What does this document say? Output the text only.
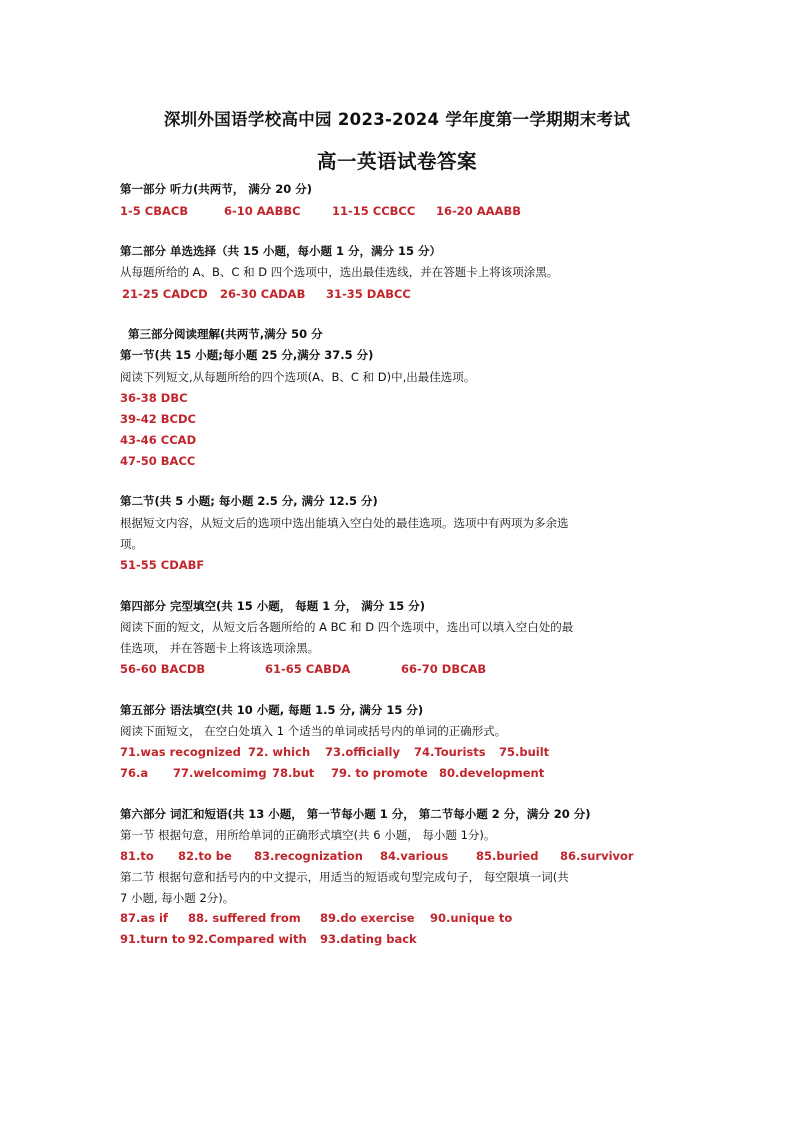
深圳外国语学校高中园 2023-2024 学年度第一学期期末考试
高一英语试卷答案
第一部分 听力(共两节， 满分 20 分)
1-5 CBACB	6-10 AABBC	11-15 CCBCC 16-20 AAABB
第二部分 单选选择（共 15 小题，每小题 1 分，满分 15 分）
从每题所给的 A、B、C 和 D 四个选项中，选出最佳选线，并在答题卡上将该项涂黑。
21-25 CADCD 26-30 CADAB 31-35 DABCC
第三部分阅读理解(共两节,满分 50 分
第一节(共 15 小题;每小题 25 分,满分 37.5 分)
阅读下列短文,从每题所给的四个选项(A、B、C 和 D)中,出最佳选项。
36-38 DBC
39-42 BCDC
43-46 CCAD
47-50 BACC
第二节(共 5 小题; 每小题 2.5 分, 满分 12.5 分)
根据短文内容，从短文后的选项中选出能填入空白处的最佳选项。选项中有两项为多余选
项。
51-55 CDABF
第四部分 完型填空(共 15 小题， 每题 1 分， 满分 15 分)
阅读下面的短文，从短文后各题所给的 A BC 和 D 四个选项中，选出可以填入空白处的最
佳选项， 并在答题卡上将该选项涂黑。
56-60 BACDB	61-65 CABDA	66-70 DBCAB
第五部分 语法填空(共 10 小题, 每题 1.5 分, 满分 15 分)
阅读下面短文， 在空白处填入 1 个适当的单词或括号内的单词的正确形式。
71.was recognized 72. which 73.officially 74.Tourists 75.built
76.a 77.welcomimg 78.but 79. to promote 80.development
第六部分 词汇和短语(共 13 小题， 第一节每小题 1 分， 第二节每小题 2 分，满分 20 分)
第一节 根据句意，用所给单词的正确形式填空(共 6 小题， 每小题 1分)。
81.to 82.to be 83.recognization 84.various 85.buried 86.survivor
第二节 根据句意和括号内的中文提示，用适当的短语或句型完成句子， 每空限填一词(共
7 小题, 每小题 2分)。
87.as if 88. suffered from 89.do exercise 90.unique to
91.turn to 92.Compared with 93.dating back
